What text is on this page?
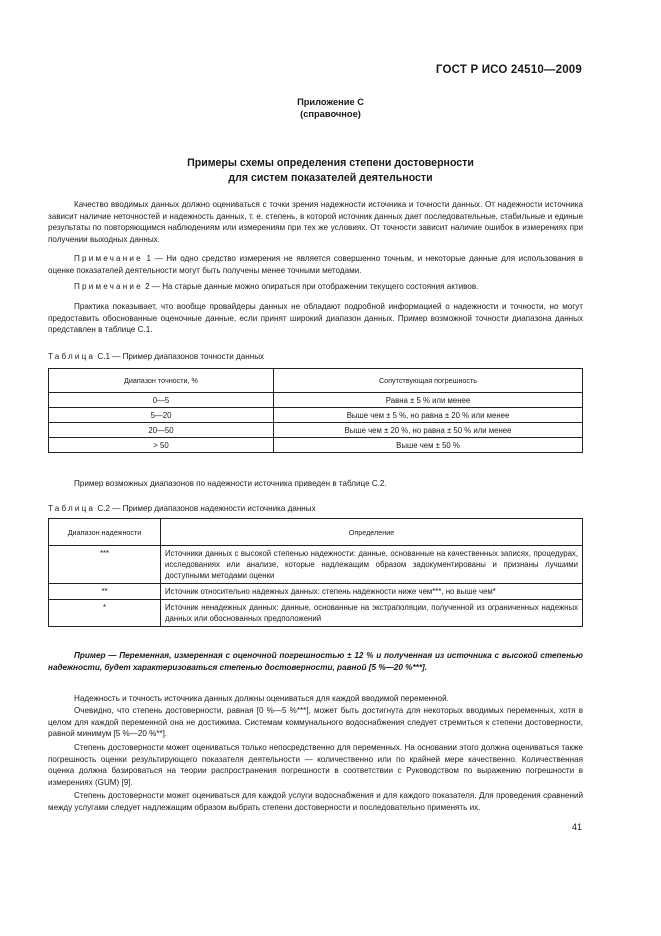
ГОСТ Р ИСО 24510—2009
Приложение С
(справочное)
Примеры схемы определения степени достоверности
для систем показателей деятельности
Качество вводимых данных должно оцениваться с точки зрения надежности источника и точности данных. От надежности источника зависит наличие неточностей и надежность данных, т. е. степень, в которой источник данных дает последовательные, стабильные и единые результаты по повторяющимся наблюдениям или измерениям при тех же условиях. От точности зависит наличие ошибок в измерениях при получении выходных данных.
Примечание 1 — Ни одно средство измерения не является совершенно точным, и некоторые данные для использования в оценке показателей деятельности могут быть получены менее точными методами.
Примечание 2 — На старые данные можно опираться при отображении текущего состояния активов.
Практика показывает, что вообще провайдеры данных не обладают подробной информацией о надежности и точности, но могут предоставить обоснованные оценочные данные, если принят широкий диапазон данных. Пример возможной точности диапазона данных представлен в таблице С.1.
Таблица С.1 — Пример диапазонов точности данных
Диапазон точности, %	Сопутствующая погрешность
0—5	Равна ± 5 % или менее
5—20	Выше чем ± 5 %, но равна ± 20 % или менее
20—50	Выше чем ± 20 %, но равна ± 50 % или менее
> 50	Выше чем ± 50 %
Пример возможных диапазонов по надежности источника приведен в таблице С.2.
Таблица С.2 — Пример диапазонов надежности источника данных
Диапазон надежности	Определение
***	Источники данных с высокой степенью надежности: данные, основанные на качественных записях, процедурах, исследованиях или анализе, которые надлежащим образом задокументированы и признаны лучшими доступными методами оценки
**	Источник относительно надежных данных: степень надежности ниже чем***, но выше чем*
*	Источник ненадежных данных: данные, основанные на экстраполяции, полученной из ограниченных надежных данных или обоснованных предположений
Пример — Переменная, измеренная с оценочной погрешностью ± 12 % и полученная из источника с высокой степенью надежности, будет характеризоваться степенью достоверности, равной [5 %—20 %***].
Надежность и точность источника данных должны оцениваться для каждой вводимой переменной.
Очевидно, что степень достоверности, равная [0 %—5 %***], может быть достигнута для некоторых вводимых переменных, хотя в целом для каждой переменной она не достижима. Системам коммунального водоснабжения следует стремиться к степени достоверности, равной минимум [5 %—20 %**].
Степень достоверности может оцениваться только непосредственно для переменных. На основании этого должна оцениваться также погрешность оценки результирующего показателя деятельности — количественно или по крайней мере качественно. Количественная оценка должна базироваться на теории распространения погрешности в соответствии с Руководством по выражению погрешности в измерениях (GUM) [9].
Степень достоверности может оцениваться для каждой услуги водоснабжения и для каждого показателя. Для проведения сравнений между услугами следует надлежащим образом выбрать степени достоверности и последовательно применять их.
41
